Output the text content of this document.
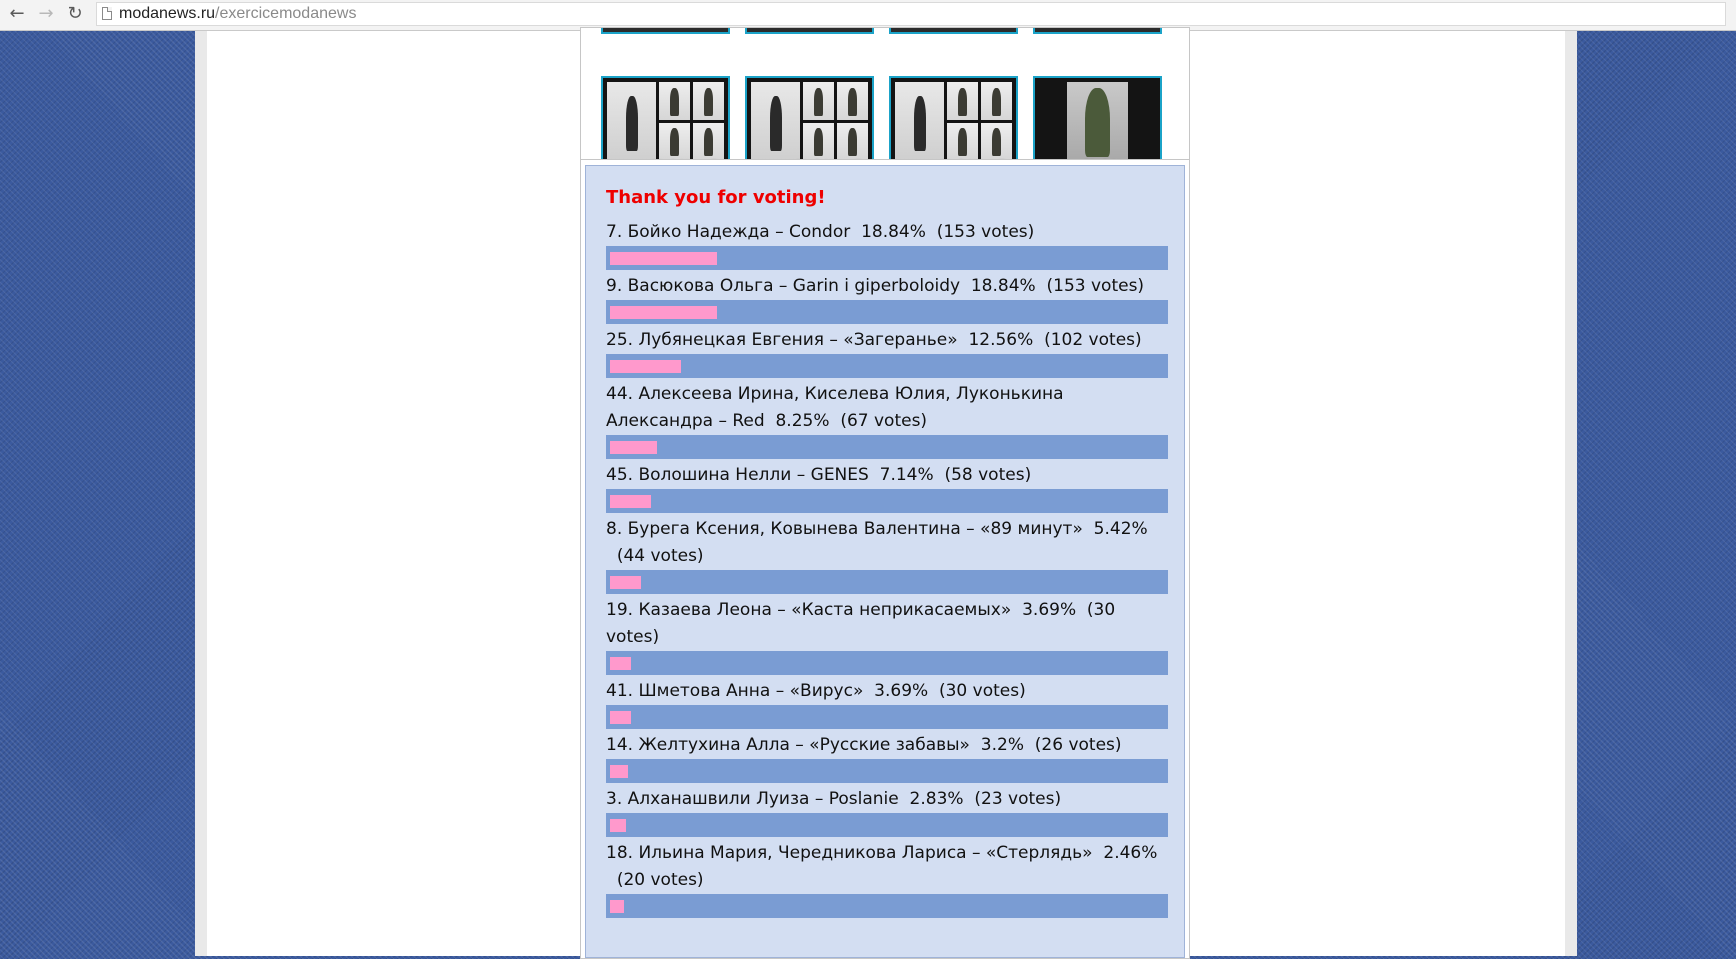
← → ↻ modanews.ru/exercicemodanews
Thank you for voting!
7. Бойко Надежда – Condor 18.84% (153 votes)
9. Васюкова Ольга – Garin i giperboloidy 18.84% (153 votes)
25. Лубянецкая Евгения – «Загеранье» 12.56% (102 votes)
44. Алексеева Ирина, Киселева Юлия, Луконькина Александра – Red 8.25% (67 votes)
45. Волошина Нелли – GENES 7.14% (58 votes)
8. Бурега Ксения, Ковынева Валентина – «89 минут» 5.42%  (44 votes)
19. Казаева Леона – «Каста неприкасаемых» 3.69% (30 votes)
41. Шметова Анна – «Вирус» 3.69% (30 votes)
14. Желтухина Алла – «Русские забавы» 3.2% (26 votes)
3. Алханашвили Луиза – Poslanie 2.83% (23 votes)
18. Ильина Мария, Чередникова Лариса – «Стерлядь» 2.46%  (20 votes)
